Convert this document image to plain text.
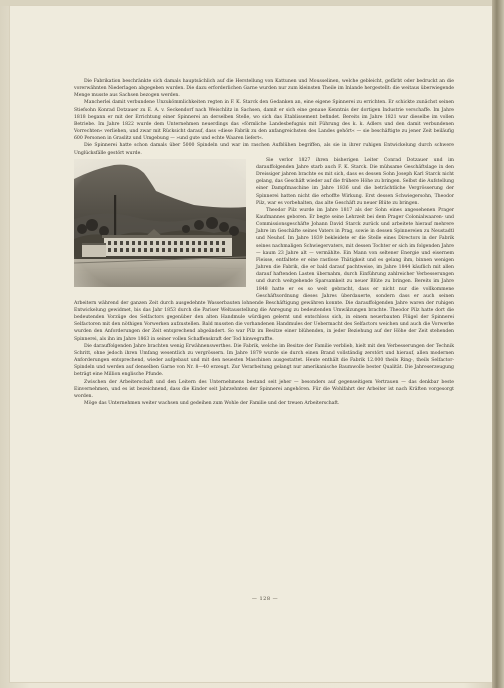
Die Fabrikation beschränkte sich damals hauptsächlich auf die Herstellung von Kattunen und Mousselinen, welche gebleicht, gefärbt oder bedruckt an die vorerwähnten Niederlagen abgegeben wurden. Die dazu erforderlichen Garne wurden nur zum kleinsten Theile im Inlande hergestellt: die weitaus überwiegende Menge musste aus Sachsen bezogen werden.

Mancherlei damit verbundene Unzukömmlichkeiten regten in F. K. Starck den Gedanken an, eine eigene Spinnerei zu errichten. Er schickte zunächst seinen Stiefsohn Konrad Dotzauer zu E. A. v. Seckendorf nach Weischlitz in Sachsen, damit er sich eine genaue Kenntnis der dortigen Industrie verschaffe. Im Jahre 1818 begann er mit der Errichtung einer Spinnerei an derselben Stelle, wo sich das Etablissement befindet. Bereits im Jahre 1821 war dieselbe im vollen Betriebe. Im Jahre 1822 wurde dem Unternehmen neuerdings das »förmliche Landesbefugnis mit Führung des k. k. Adlers und den damit verbundenen Vorrechten« verliehen, und zwar mit Rücksicht darauf, dass »diese Fabrik zu den anfangreichsten des Landes gehört« — sie beschäftigte zu jener Zeit beiläufig 600 Personen in Graslitz und Umgebung — »und gute und echte Waaren liefert«.

Die Spinnerei hatte schon damals über 5000 Spindeln und war im raschen Aufblühen begriffen, als sie in ihrer ruhigen Entwickelung durch schwere Unglücksfälle gestört wurde.

Sie verlor 1827 ihren bisherigen Leiter Conrad Dotzauer und im darauffolgenden Jahre starb auch F. K. Starck. Die mühsame Geschäftslage in den Dreissiger jahren brachte es mit sich, dass es dessen Sohn Joseph Karl Starck nicht gelang, das Geschäft wieder auf die frühere Höhe zu bringen. Selbst die Aufstellung einer Dampfmaschine im Jahre 1836 und die beträchtliche Vergrösserung der Spinnerei hatten nicht die erhoffte Wirkung. Erst dessen Schwiegersohn, Theodor Pilz, war es vorbehalten, das alte Geschäft zu neuer Blüte zu bringen.

Theodor Pilz wurde im Jahre 1817 als der Sohn eines angesehenen Prager Kaufmannes geboren. Er begte seine Lehrzeit bei dem Prager Colonialwaaren- und Commissionsgeschäfte Johann David Starck zurück und arbeitete hierauf mehrere Jahre im Geschäfte seines Vaters in Prag, sowie in dessen Spinnereien zu Neustadtl und Neuhof. Im Jahre 1839 bekleidete er die Stelle eines Directors in der Fabrik seines nachmaligen Schwiegervaters, mit dessen Tochter er sich im folgenden Jahre — kaum 23 Jahre alt — vermählte. Ein Mann von seltener Energie und eisernem Fleisse, entfaltete er eine rastlose Thätigkeit und es gelang ihm, binnen wenigen Jahren die Fabrik, die er bald darauf pachtweise, im Jahre 1844 käuflich mit allen darauf haftenden Lasten übernahm, durch Einführung zahlreicher Verbesserungen und durch weitgehende Sparsamkeit zu neuer Blüte zu bringen. Bereits im Jahre 1848 hatte er es so weit gebracht, dass er nicht nur die vollkommene Geschäftsordnung dieses Jahres überdauerte, sondern dass er auch seinen Arbeitern während der ganzen Zeit durch ausgedehnte Wasserbauten lohnende Beschäftigung gewähren konnte. Die darauffolgenden Jahre waren der ruhigen Entwickelung gewidmet, bis das Jahr 1853 durch die Pariser Weltausstellung die Anregung zu bedeutenden Umwälzungen brachte. Theodor Pilz hatte dort die bedeutenden Vorzüge des Selfactors gegenüber den alten Handmule würdigen gelernt und entschloss sich, in einem neuerbauten Flügel der Spinnerei Selfactoren mit den nöthigen Vorwerken aufzustellen. Bald mussten die vorhandenen Handmules der Uebermacht des Selfactors weichen und auch die Vorwerke wurden den Anforderungen der Zeit entsprechend abgeändert. So war Pilz im Besitze einer blühenden, in jeder Beziehung auf der Höhe der Zeit stehenden Spinnerei, als ihn im Jahre 1863 in seiner vollen Schaffenskraft der Tod hinwegraffte.

Die darauffolgenden Jahre brachten wenig Erwähnenswerthes. Die Fabrik, welche im Besitze der Familie verblieb, hielt mit den Verbesserungen der Technik Schritt, ohne jedoch ihren Umfang wesentlich zu vergrössern. Im Jahre 1879 wurde sie durch einen Brand vollständig zerstört und hierauf, allen modernen Anforderungen entsprechend, wieder aufgebaut und mit den neuesten Maschinen ausgestattet. Heute enthält die Fabrik 12.000 theils Ring-, theils Selfactor-Spindeln und werden auf denselben Garne von Nr. 8—40 erzeugt. Zur Verarbeitung gelangt nur amerikanische Baumwolle bester Qualität. Die Jahreserzeugung beträgt eine Million englische Pfunde.

Zwischen der Arbeiterschaft und den Leitern des Unternehmens bestand seit jeher — besonders auf gegenseitigem Vertrauen — das denkbar beste Einvernehmen, und es ist bezeichnend, dass die Kinder seit Jahrzehnten der Spinnerei angehören. Für die Wohlfahrt der Arbeiter ist nach Kräften vorgesorgt worden.

Möge das Unternehmen weiter wachsen und gedeihen zum Wohle der Familie und der treuen Arbeiterschaft.

— 128 —
